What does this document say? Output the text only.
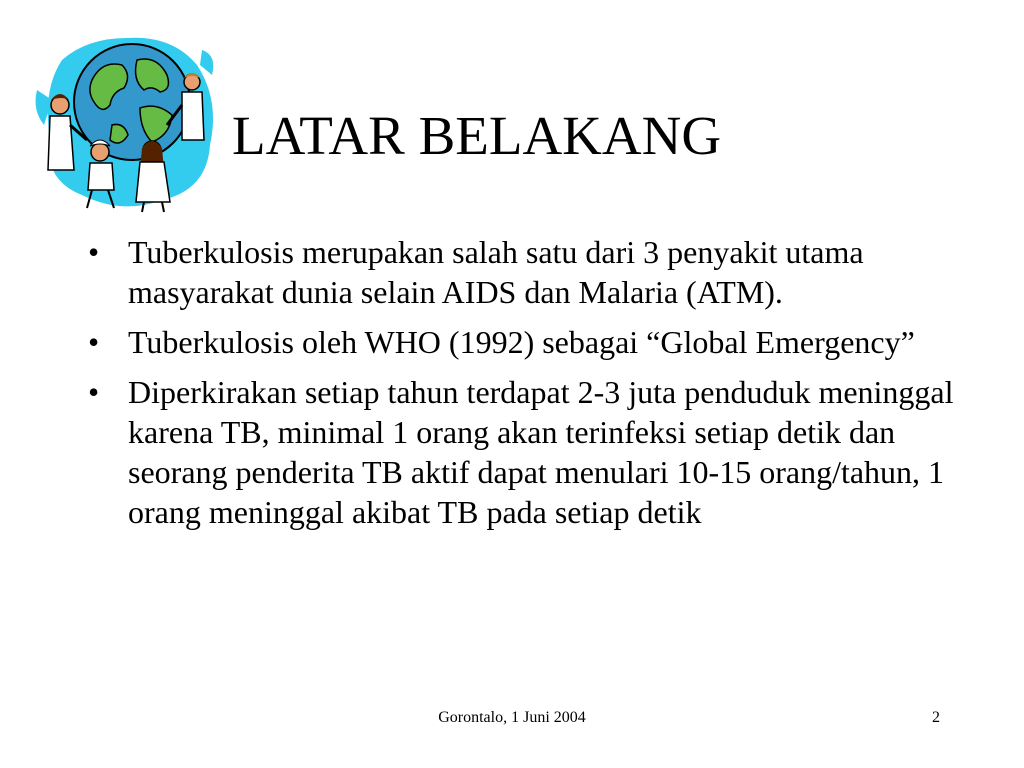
LATAR BELAKANG
• Tuberkulosis merupakan salah satu dari 3 penyakit utama masyarakat dunia selain AIDS dan Malaria (ATM).
• Tuberkulosis oleh WHO (1992) sebagai “Global Emergency”
• Diperkirakan setiap tahun terdapat 2-3 juta penduduk meninggal karena TB, minimal 1 orang akan terinfeksi setiap detik dan seorang penderita TB aktif dapat menulari 10-15 orang/tahun, 1 orang meninggal akibat TB pada setiap detik
Gorontalo, 1 Juni 2004	2
